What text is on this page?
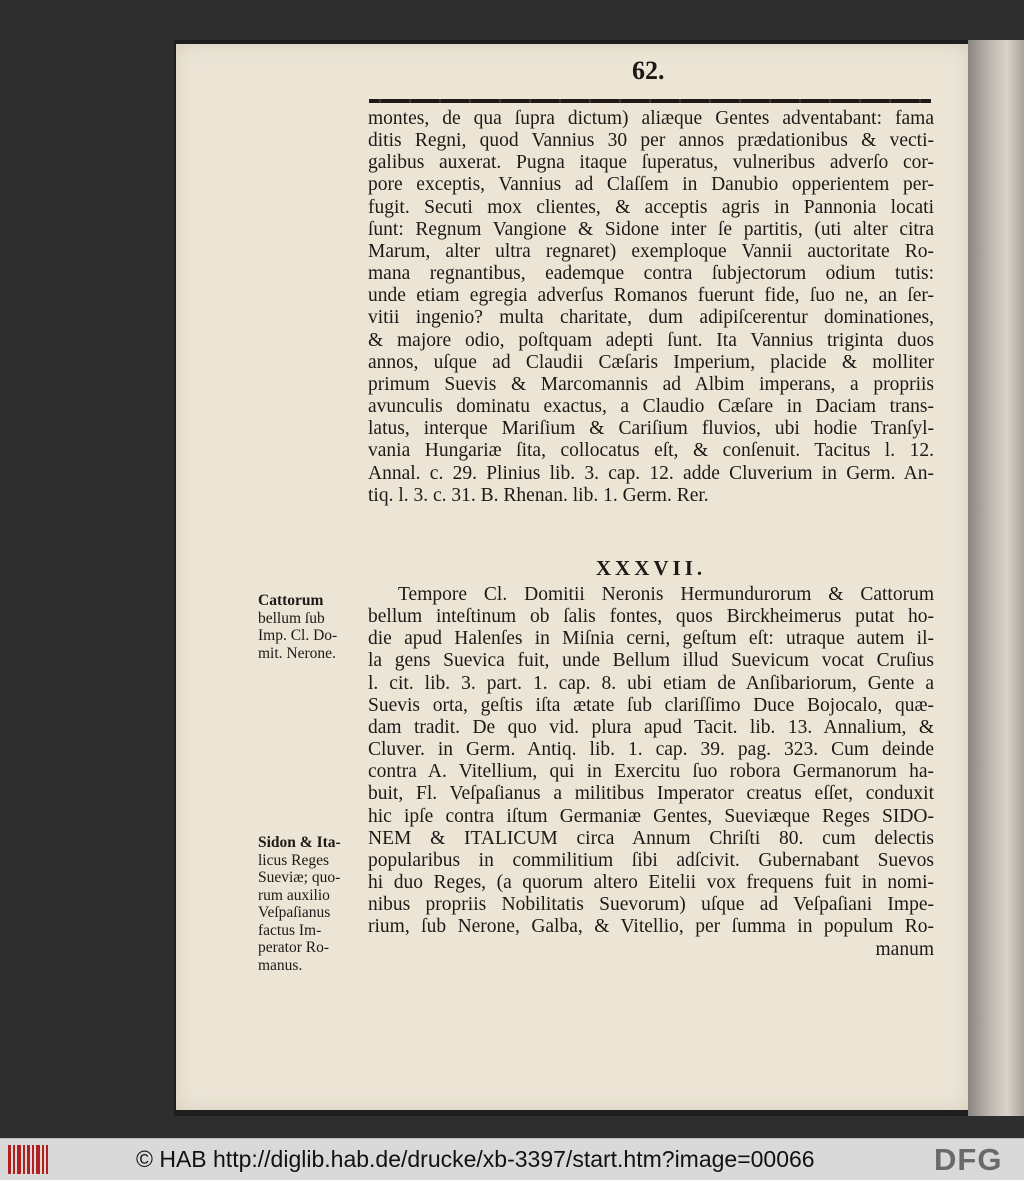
62.
montes, de qua ſupra dictum) aliæque Gentes adventabant: fama
ditis Regni, quod Vannius 30 per annos prædationibus & vecti-
galibus auxerat. Pugna itaque ſuperatus, vulneribus adverſo cor-
pore exceptis, Vannius ad Claſſem in Danubio opperientem per-
fugit. Secuti mox clientes, & acceptis agris in Pannonia locati
ſunt: Regnum Vangione & Sidone inter ſe partitis, (uti alter citra
Marum, alter ultra regnaret) exemploque Vannii auctoritate Ro-
mana regnantibus, eademque contra ſubjectorum odium tutis:
unde etiam egregia adverſus Romanos fuerunt fide, ſuo ne, an ſer-
vitii ingenio? multa charitate, dum adipiſcerentur dominationes,
& majore odio, poſtquam adepti ſunt. Ita Vannius triginta duos
annos, uſque ad Claudii Cæſaris Imperium, placide & molliter
primum Suevis & Marcomannis ad Albim imperans, a propriis
avunculis dominatu exactus, a Claudio Cæſare in Daciam trans-
latus, interque Mariſium & Cariſium fluvios, ubi hodie Tranſyl-
vania Hungariæ ſita, collocatus eſt, & conſenuit. Tacitus l. 12.
Annal. c. 29. Plinius lib. 3. cap. 12. adde Cluverium in Germ. An-
tiq. l. 3. c. 31. B. Rhenan. lib. 1. Germ. Rer.
XXXVII.
Tempore Cl. Domitii Neronis Hermundurorum & Cattorum
bellum inteſtinum ob ſalis fontes, quos Birckheimerus putat ho-
die apud Halenſes in Miſnia cerni, geſtum eſt: utraque autem il-
la gens Suevica fuit, unde Bellum illud Suevicum vocat Cruſius
l. cit. lib. 3. part. 1. cap. 8. ubi etiam de Anſibariorum, Gente a
Suevis orta, geſtis iſta ætate ſub clariſſimo Duce Bojocalo, quæ-
dam tradit. De quo vid. plura apud Tacit. lib. 13. Annalium, &
Cluver. in Germ. Antiq. lib. 1. cap. 39. pag. 323. Cum deinde
contra A. Vitellium, qui in Exercitu ſuo robora Germanorum ha-
buit, Fl. Veſpaſianus a militibus Imperator creatus eſſet, conduxit
hic ipſe contra iſtum Germaniæ Gentes, Sueviæque Reges SIDO-
NEM & ITALICUM circa Annum Chriſti 80. cum delectis
popularibus in commilitium ſibi adſcivit. Gubernabant Suevos
hi duo Reges, (a quorum altero Eitelii vox frequens fuit in nomi-
nibus propriis Nobilitatis Suevorum) uſque ad Veſpaſiani Impe-
rium, ſub Nerone, Galba, & Vitellio, per ſumma in populum Ro-
manum
Cattorum
bellum ſub
Imp. Cl. Do-
mit. Nerone.
Sidon & Ita-
licus Reges
Sueviæ; quo-
rum auxilio
Veſpaſianus
factus Im-
perator Ro-
manus.
© HAB http://diglib.hab.de/drucke/xb-3397/start.htm?image=00066	DFG
